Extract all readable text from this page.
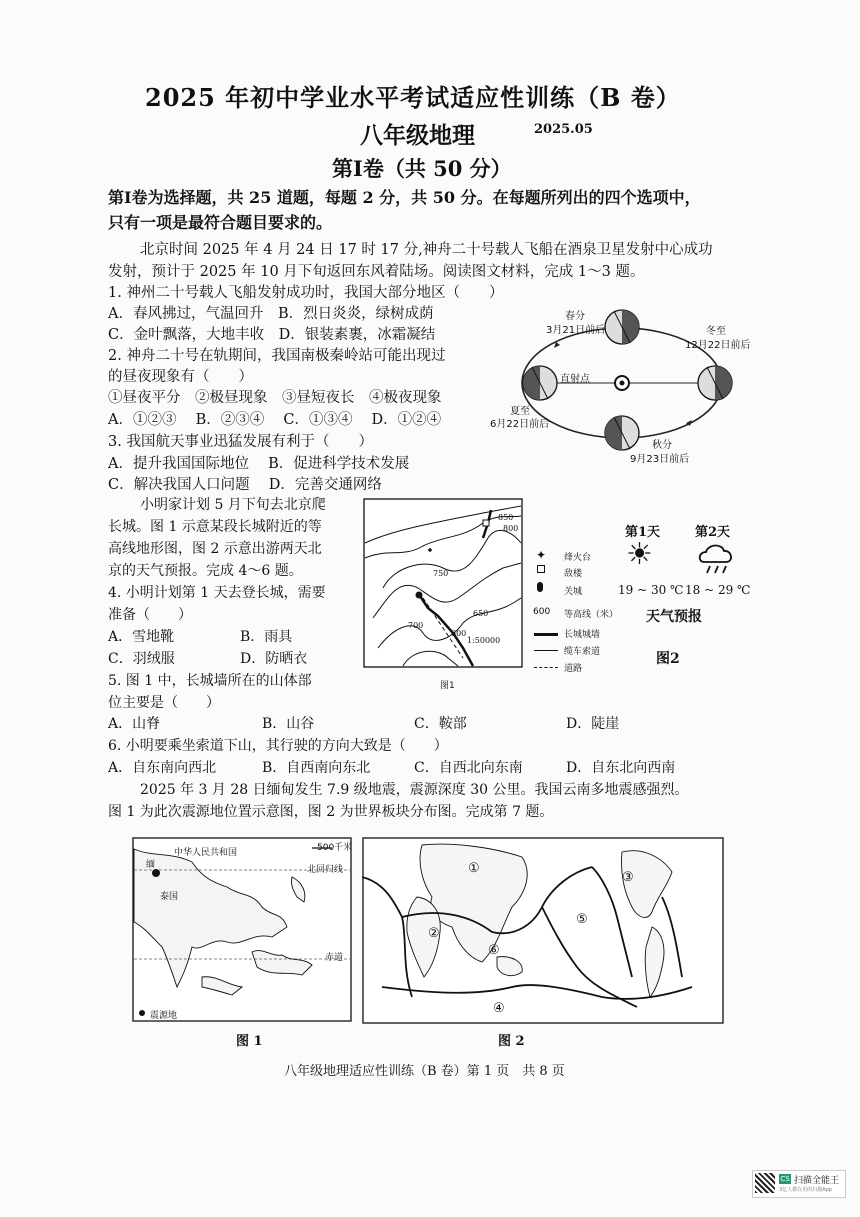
2025 年初中学业水平考试适应性训练（B 卷）
八年级地理	2025.05
第Ⅰ卷（共 50 分）
第Ⅰ卷为选择题，共 25 道题，每题 2 分，共 50 分。在每题所列出的四个选项中，
只有一项是最符合题目要求的。
北京时间 2025 年 4 月 24 日 17 时 17 分,神舟二十号载人飞船在酒泉卫星发射中心成功
发射，预计于 2025 年 10 月下旬返回东风着陆场。阅读图文材料，完成 1～3 题。
1. 神州二十号载人飞船发射成功时，我国大部分地区（　　）
A．春风拂过，气温回升　B．烈日炎炎，绿树成荫
C．金叶飘落，大地丰收　D．银装素裹，冰霜凝结
2. 神舟二十号在轨期间，我国南极秦岭站可能出现过
的昼夜现象有（　　）
①昼夜平分　②极昼现象　③昼短夜长　④极夜现象
A．①②③　 B．②③④　 C．①③④　 D．①②④
3. 我国航天事业迅猛发展有利于（　　）
A．提升我国国际地位　 B．促进科学技术发展
C．解决我国人口问题　 D．完善交通网络
春分
3月21日前后	冬至
12月22日前后
直射点
夏至
6月22日前后
秋分
9月23日前后
小明家计划 5 月下旬去北京爬
长城。图 1 示意某段长城附近的等
高线地形图，图 2 示意出游两天北
京的天气预报。完成 4～6 题。
4. 小明计划第 1 天去登长城，需要
准备（　　）
A．雪地靴	B．雨具
C．羽绒服	D．防晒衣
5. 图 1 中，长城墙所在的山体部
位主要是（　　）
A．山脊	B．山谷	C．鞍部	D．陡崖
6. 小明要乘坐索道下山，其行驶的方向大致是（　　）
A．自东南向西北	B．自西南向东北	C．自西北向东南	D．自东北向西南
1:50000
750
650
600
700
850
800
图1
✦ 烽火台
敌楼
关城
600 等高线（米）
长城城墙
缆车索道
道路
第1天	第2天
☀
19 ~ 30 ℃ 18 ~ 29 ℃
天气预报
图2
2025 年 3 月 28 日缅甸发生 7.9 级地震，震源深度 30 公里。我国云南多地震感强烈。
图 1 为此次震源地位置示意图，图 2 为世界板块分布图。完成第 7 题。
中华人民共和国	500千米
缅	北回归线
泰国
赤道
震源地
图 1
①
②
③
④
⑤
⑥
图 2
八年级地理适应性训练（B 卷）第 1 页　共 8 页
CS 扫描全能王
3亿人都在用的扫描App
